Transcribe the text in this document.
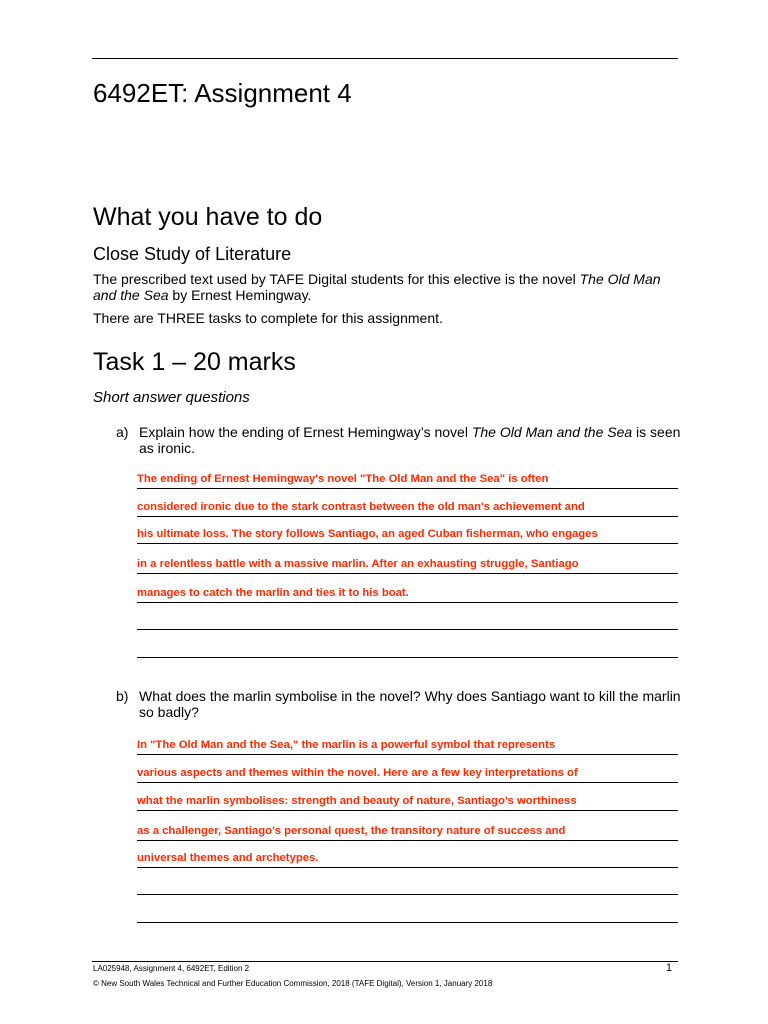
6492ET: Assignment 4
What you have to do
Close Study of Literature

The prescribed text used by TAFE Digital students for this elective is the novel The Old Man and the Sea by Ernest Hemingway.

There are THREE tasks to complete for this assignment.

Task 1 – 20 marks
Short answer questions
a) Explain how the ending of Ernest Hemingway’s novel The Old Man and the Sea is seen as ironic.

The ending of Ernest Hemingway's novel "The Old Man and the Sea" is often
considered ironic due to the stark contrast between the old man's achievement and
his ultimate loss. The story follows Santiago, an aged Cuban fisherman, who engages
in a relentless battle with a massive marlin. After an exhausting struggle, Santiago
manages to catch the marlin and ties it to his boat.
b) What does the marlin symbolise in the novel? Why does Santiago want to kill the marlin so badly?

In "The Old Man and the Sea," the marlin is a powerful symbol that represents
various aspects and themes within the novel. Here are a few key interpretations of
what the marlin symbolises: strength and beauty of nature, Santiago’s worthiness
as a challenger, Santiago’s personal quest, the transitory nature of success and
universal themes and archetypes.
LA025948, Assignment 4, 6492ET, Edition 2	1
© New South Wales Technical and Further Education Commission, 2018 (TAFE Digital), Version 1, January 2018
